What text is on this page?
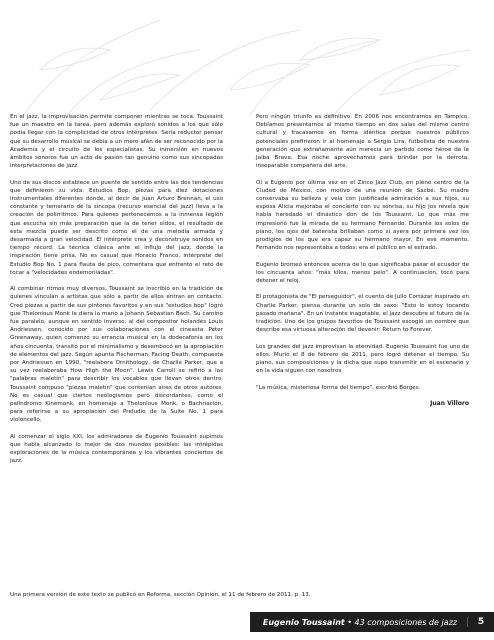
En el jazz, la improvisación permite componer mientras se toca. Toussaint fue un maestro en la tarea, pero además exploró sonidos a los que sólo podía llegar con la complicidad de otros intérpretes. Sería reductor pensar que su desarrollo musical se debía a un mero afán de ser reconocido por la Academia y el circuito de los especialistas. Su inmersión en nuevos ámbitos sonoros fue un acto de pasión tan genuino como sus sincopadas interpretaciones de jazz.

Uno de sus discos establece un puente de sentido entre las dos tendencias que definieron su vida: Estudios Bop, piezas para diez dotaciones instrumentales diferentes donde, al decir de Juan Arturo Brennan, el uso constante y temerario de la síncopa (recurso esencial del jazz) lleva a la creación de polirritmos. Para quienes pertenecemos a la inmensa legión que escucha sin más preparación que la de tener oídos, el resultado de esta mezcla puede ser descrito como el de una melodía armada y desarmada a gran velocidad. El intérprete crea y deconstruye sonidos en tiempo récord. La técnica clásica ante el influjo del jazz, donde la inspiración tiene prisa. No es casual que Horacio Franco, intérprete del Estudio Bop No. 1 para flauta de pico, comentara que enfrentó el reto de tocar a "velocidades endemoniadas".

Al combinar ritmos muy diversos, Toussaint se inscribió en la tradición de quienes vinculan a artistas que sólo a partir de ellos entran en contacto. Creó piezas a partir de sus pintores favoritos y en sus "estudios bop" logró que Thelonious Monk le diera la mano a Johann Sebastian Bach. Su camino fue paralelo, aunque en sentido inverso, al del compositor holandés Louis Andriessen, conocido por sus colaboraciones con el cineasta Peter Greenaway, quien comenzó su errancia musical en la dodecafonía en los años cincuenta, transitó por el minimalismo y desembocó en la apropiación de elementos del jazz. Según apunta Fischerman, Facing Death, compuesta por Andriessen en 1990, "reelabora Ornithology, de Charlie Parker, que a su vez reelaboraba How High the Moon". Lewis Carroll se refirió a las "palabras maletín" para describir los vocablos que llevan otros dentro. Toussaint compuso "piezas maletín" que contenían aires de otros autores. No es casual que ciertos neólogismos pero discordantes, como el palíndromo Kinemonk, en homenaje a Thelonious Monk, o Bachriación, para referirse a su apropiación del Preludio de la Suite No. 1 para violoncello.

Al comenzar el siglo XXI, los admiradores de Eugenio Toussaint supimos que había alcanzado lo mejor de dos mundos posibles: las intrépidas exploraciones de la música contemporánea y los vibrantes conciertos de jazz.

Pero ningún triunfo es definitivo. En 2006 nos encontramos en Tampico. Debíamos presentarnos al mismo tiempo en dos salas del mismo centro cultural y fracasamos en forma idéntica porque nuestros públicos potenciales prefirieron ir al homenaje a Sergio Lira, futbolista de nuestra generación que extrañamente aún merecía un partido como héroe de la Jaiba Brava. Esa noche aprovechamos para brindar por la derrota, inseparable compañera del arte.

Oí a Eugenio por última vez en el Zinco Jazz Club, en pleno centro de la Ciudad de México, con motivo de una reunión de Sacbé. Su madre conservaba su belleza y veía con justificada admiración a sus hijos, su esposa Alicia mejoraba el concierto con su sonrisa, su hijo Jos revela que había heredado el dinástico don de los Toussaint. Lo que más me impresionó fue la mirada de su hermano Fernando. Durante los solos de piano, los ojos del baterista brillaban como si ayera por primera vez los prodigios de los que era capaz su hermano mayor. En ese momento, Fernando nos representaba a todos: era el público en el estrado.

Eugenio bromeó entonces acerca de lo que significaba pasar el ecuador de los cincuenta años: "más kilos, menos pelo". A continuación, tocó para detener el reloj.

El protagonista de "El perseguidor", el cuento de Julio Cortázar inspirado en Charlie Parker, piensa durante un solo de saxo: "Esto lo estoy tocando pasado mañana". En un instante inagotable, el jazz descubre el futuro de la tradición. Uno de los grupos favoritos de Toussaint escogió un nombre que describe esa virtuosa alteración del devenir: Return to Forever.

Los grandes del jazz improvisan la eternidad. Eugenio Toussaint fue uno de ellos. Murió el 8 de febrero de 2011, pero logró detener el tiempo. Su piano, sus composiciones y la dicha que supo transmitir en el escenario y en la vida siguen con nosotros.

"La música, misteriosa forma del tiempo", escribió Borges.

Juan Villoro
Una primera versión de este texto se publicó en Reforma, sección Opinión, el 11 de febrero de 2011, p. 13.
Eugenio Toussaint • 43 composiciones de jazz	5
